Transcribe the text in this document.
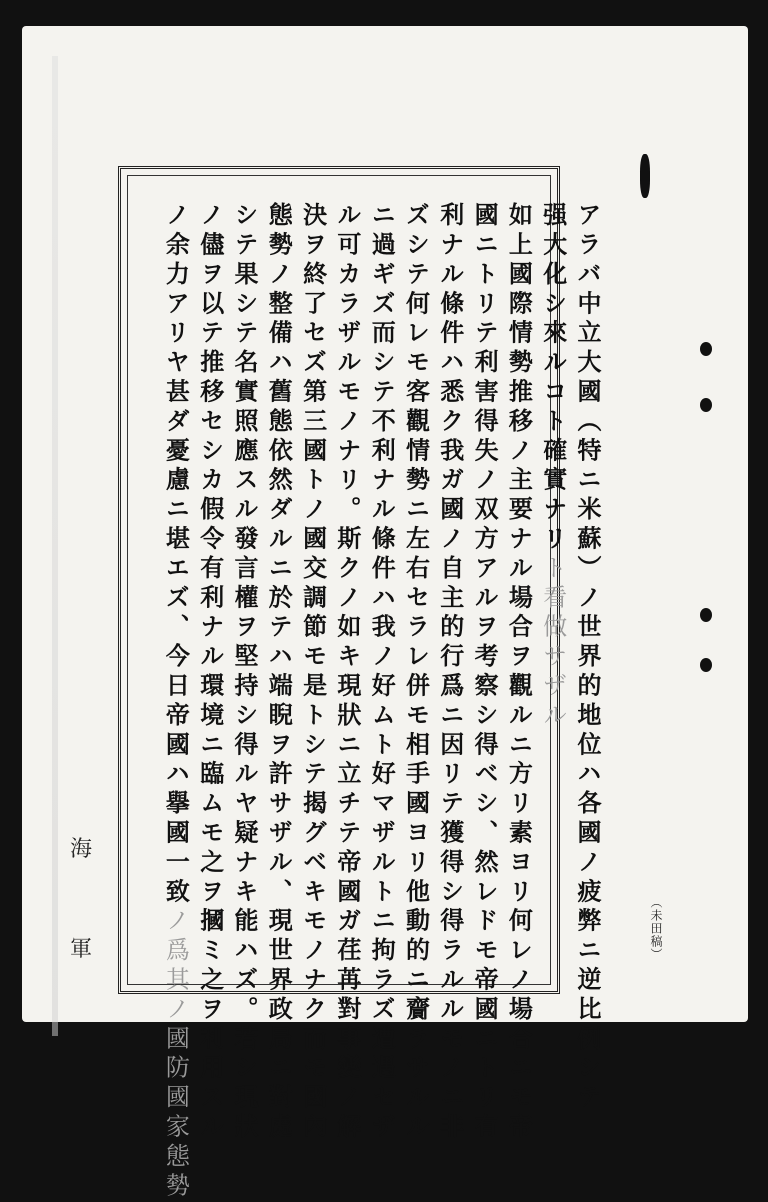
アラバ中立大國（特ニ米蘇）ノ世界的地位ハ各國ノ疲弊ニ逆比例シテ
强大化シ來ルコト確實ナリト看做サザル
如上國際情勢推移ノ主要ナル場合ヲ觀ルニ方リ素ヨリ何レノ場合ニモ帝
國ニトリテ利害得失ノ双方アルヲ考察シ得ベシ、然レドモ帝國ニトリ有
利ナル條件ハ悉ク我ガ國ノ自主的行爲ニ因リテ獲得シ得ラルルモノニ非
ズシテ何レモ客觀情勢ニ左右セラレ併モ相手國ヨリ他動的ニ齎ラサルル
ニ過ギズ而シテ不利ナル條件ハ我ノ好ムト好マザルトニ拘ラズ遭遇セザ
ル可カラザルモノナリ。斯クノ如キ現狀ニ立チテ帝國ガ荏苒對事變ノ解
決ヲ終了セズ第三國トノ國交調節モ是トシテ揭グベキモノナク而モ國內
態勢ノ整備ハ舊態依然ダルニ於テハ端睨ヲ許サザル、現世界政局ニ對處
シテ果シテ名實照應スル發言權ヲ堅持シ得ルヤ疑ナキ能ハズ。若シ現狀
ノ儘ヲ以テ推移セシカ假令有利ナル環境ニ臨ムモ之ヲ摑ミ之ヲ利用スル
ノ余力アリヤ甚ダ憂慮ニ堪エズ、今日帝國ハ擧國一致ノ爲其ノ國防國家態勢
海
軍	（未田稿）
